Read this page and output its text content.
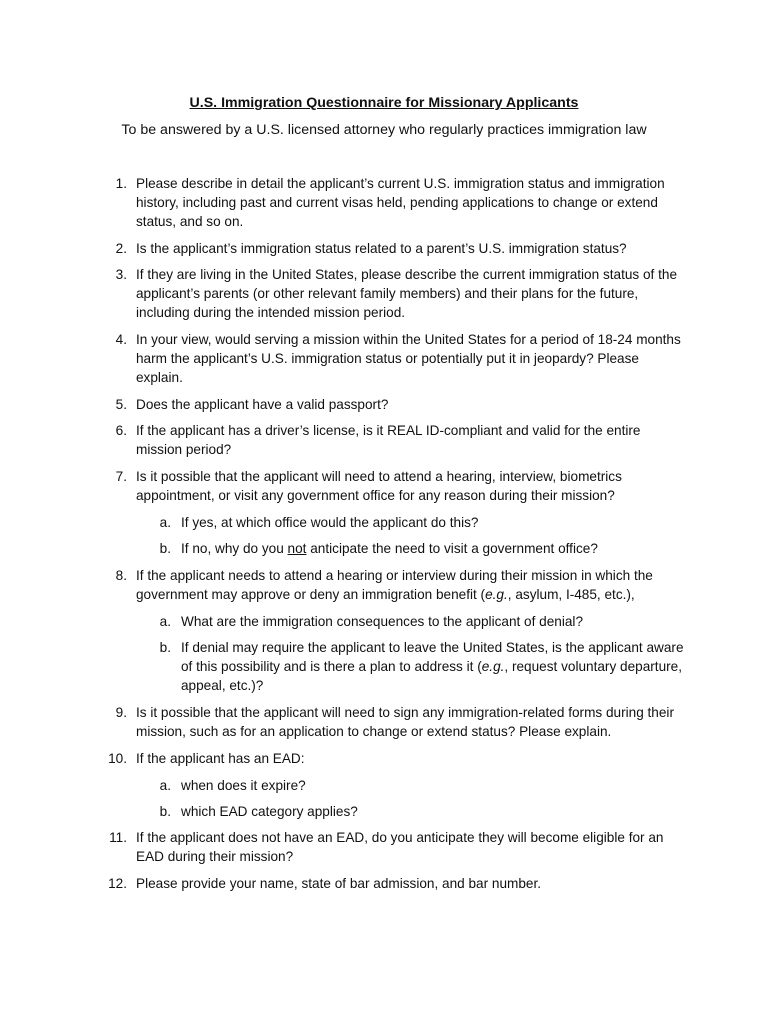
U.S. Immigration Questionnaire for Missionary Applicants
To be answered by a U.S. licensed attorney who regularly practices immigration law
1. Please describe in detail the applicant’s current U.S. immigration status and immigration history, including past and current visas held, pending applications to change or extend status, and so on.
2. Is the applicant’s immigration status related to a parent’s U.S. immigration status?
3. If they are living in the United States, please describe the current immigration status of the applicant’s parents (or other relevant family members) and their plans for the future, including during the intended mission period.
4. In your view, would serving a mission within the United States for a period of 18-24 months harm the applicant’s U.S. immigration status or potentially put it in jeopardy? Please explain.
5. Does the applicant have a valid passport?
6. If the applicant has a driver’s license, is it REAL ID-compliant and valid for the entire mission period?
7. Is it possible that the applicant will need to attend a hearing, interview, biometrics appointment, or visit any government office for any reason during their mission?
a. If yes, at which office would the applicant do this?
b. If no, why do you not anticipate the need to visit a government office?
8. If the applicant needs to attend a hearing or interview during their mission in which the government may approve or deny an immigration benefit (e.g., asylum, I-485, etc.),
a. What are the immigration consequences to the applicant of denial?
b. If denial may require the applicant to leave the United States, is the applicant aware of this possibility and is there a plan to address it (e.g., request voluntary departure, appeal, etc.)?
9. Is it possible that the applicant will need to sign any immigration-related forms during their mission, such as for an application to change or extend status? Please explain.
10. If the applicant has an EAD:
a. when does it expire?
b. which EAD category applies?
11. If the applicant does not have an EAD, do you anticipate they will become eligible for an EAD during their mission?
12. Please provide your name, state of bar admission, and bar number.
